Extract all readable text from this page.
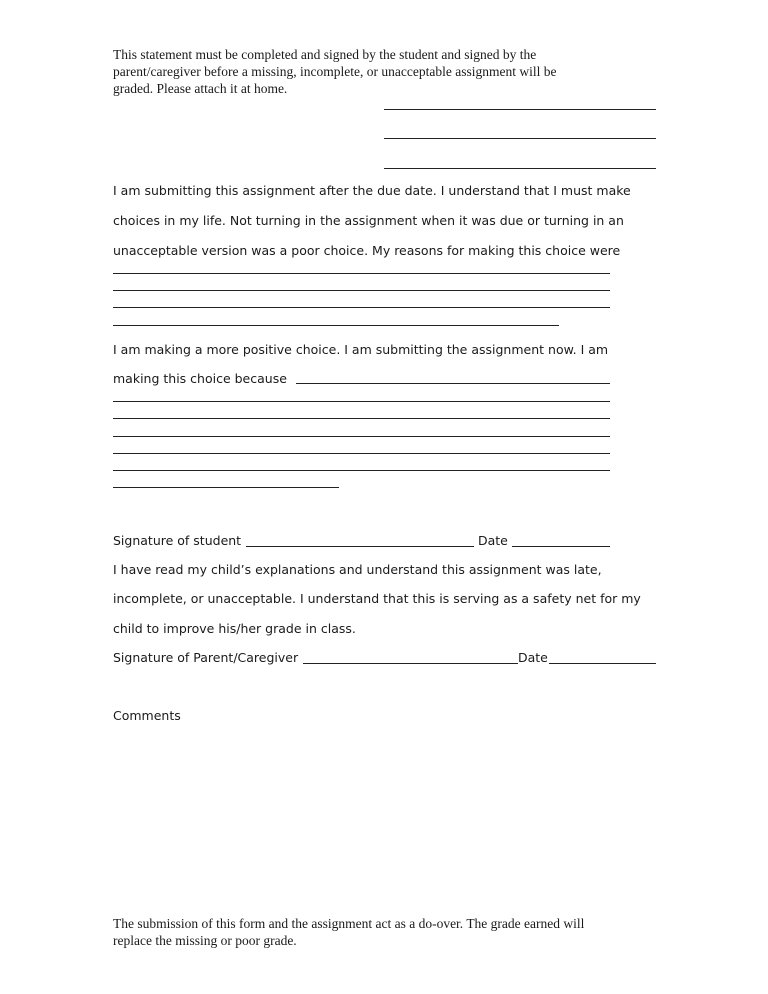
This statement must be completed and signed by the student and signed by the
parent/caregiver before a missing, incomplete, or unacceptable assignment will be
graded. Please attach it at home.
I am submitting this assignment after the due date. I understand that I must make
choices in my life. Not turning in the assignment when it was due or turning in an
unacceptable version was a poor choice. My reasons for making this choice were
I am making a more positive choice. I am submitting the assignment now. I am
making this choice because
Signature of student	Date
I have read my child’s explanations and understand this assignment was late,
incomplete, or unacceptable. I understand that this is serving as a safety net for my
child to improve his/her grade in class.
Signature of Parent/Caregiver	Date
Comments
The submission of this form and the assignment act as a do-over. The grade earned will
replace the missing or poor grade.
